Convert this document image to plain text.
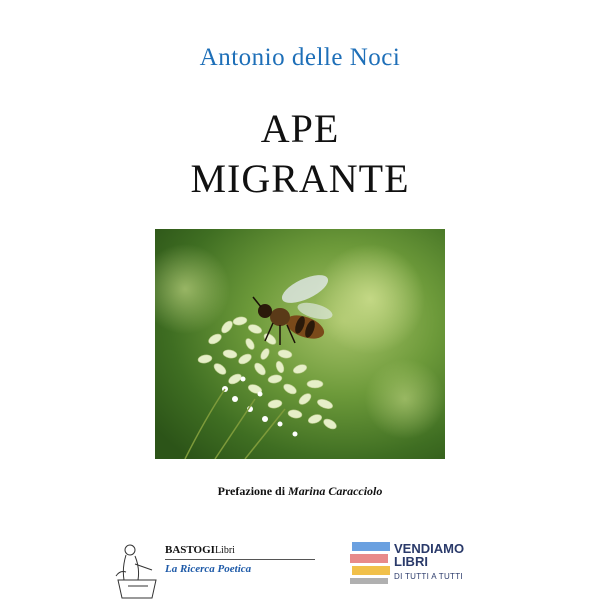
Antonio delle Noci
APE
MIGRANTE
Prefazione di Marina Caracciolo
BASTOGILibri
La Ricerca Poetica
VENDIAMO
LIBRI
DI TUTTI A TUTTI
